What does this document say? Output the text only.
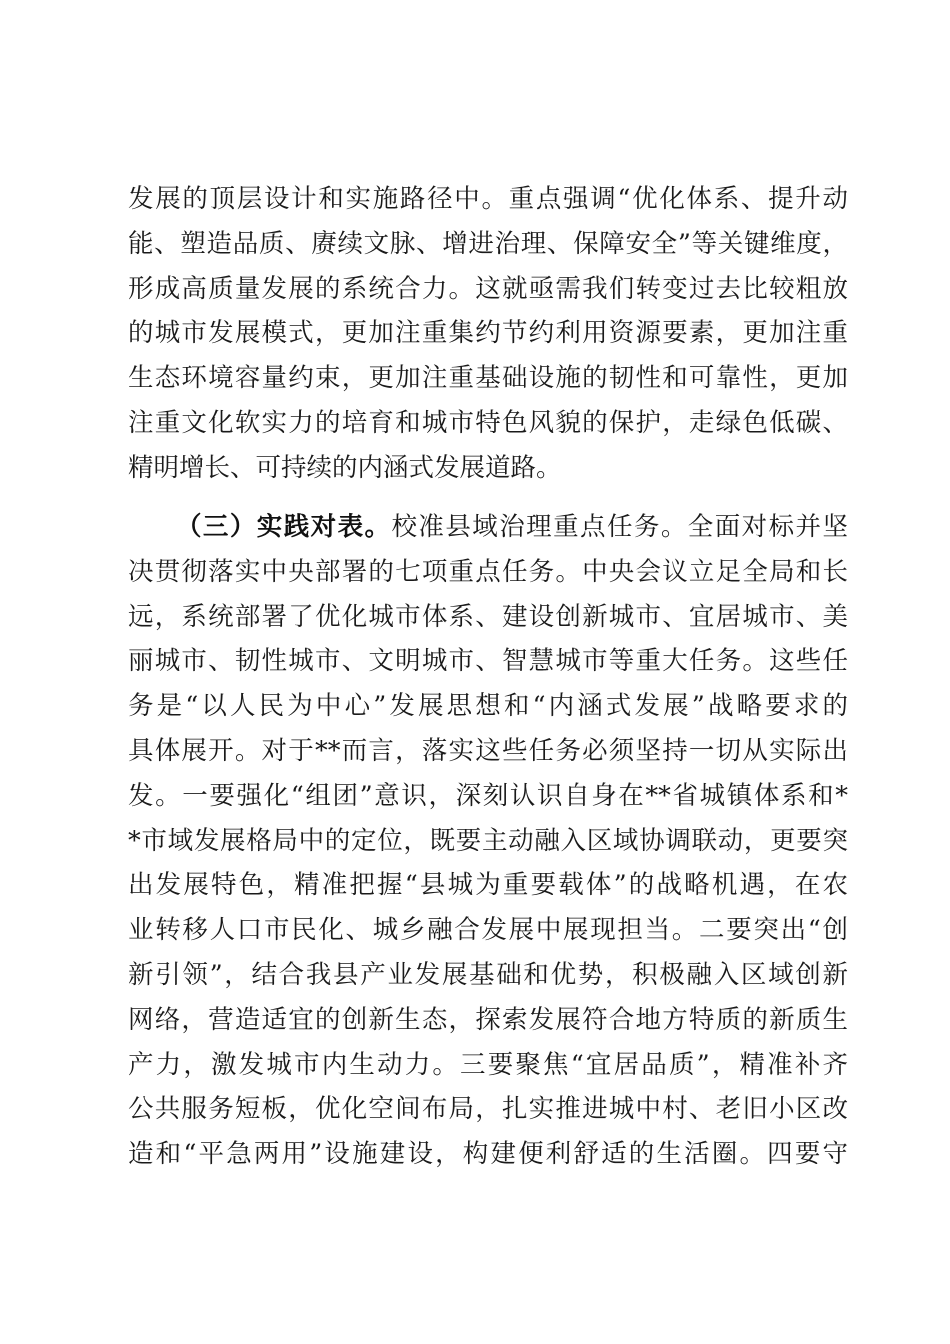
发展的顶层设计和实施路径中。重点强调“优化体系、提升动
能、塑造品质、赓续文脉、增进治理、保障安全”等关键维度，
形成高质量发展的系统合力。这就亟需我们转变过去比较粗放
的城市发展模式，更加注重集约节约利用资源要素，更加注重
生态环境容量约束，更加注重基础设施的韧性和可靠性，更加
注重文化软实力的培育和城市特色风貌的保护，走绿色低碳、
精明增长、可持续的内涵式发展道路。
（三）实践对表。校准县域治理重点任务。全面对标并坚
决贯彻落实中央部署的七项重点任务。中央会议立足全局和长
远，系统部署了优化城市体系、建设创新城市、宜居城市、美
丽城市、韧性城市、文明城市、智慧城市等重大任务。这些任
务是“以人民为中心”发展思想和“内涵式发展”战略要求的
具体展开。对于**而言，落实这些任务必须坚持一切从实际出
发。一要强化“组团”意识，深刻认识自身在**省城镇体系和*
*市域发展格局中的定位，既要主动融入区域协调联动，更要突
出发展特色，精准把握“县城为重要载体”的战略机遇，在农
业转移人口市民化、城乡融合发展中展现担当。二要突出“创
新引领”，结合我县产业发展基础和优势，积极融入区域创新
网络，营造适宜的创新生态，探索发展符合地方特质的新质生
产力，激发城市内生动力。三要聚焦“宜居品质”，精准补齐
公共服务短板，优化空间布局，扎实推进城中村、老旧小区改
造和“平急两用”设施建设，构建便利舒适的生活圈。四要守
